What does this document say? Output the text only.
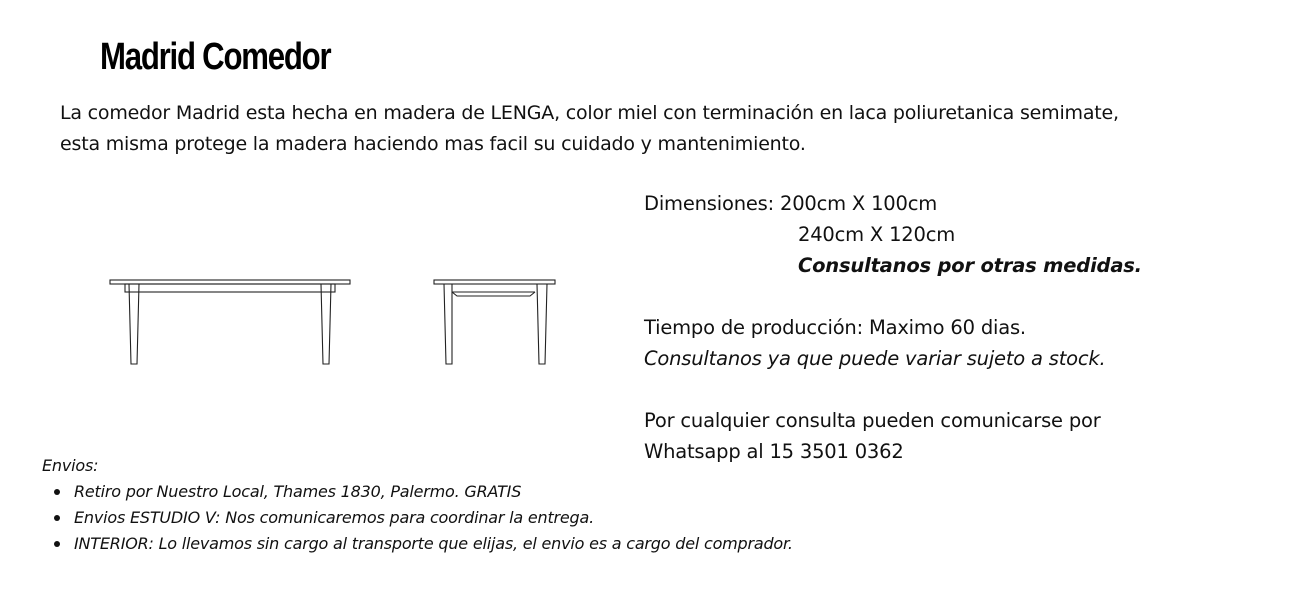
Madrid Comedor
La comedor Madrid esta hecha en madera de LENGA, color miel con terminación en laca poliuretanica semimate,
esta misma protege la madera haciendo mas facil su cuidado y mantenimiento.
Dimensiones: 200cm X 100cm
240cm X 120cm
Consultanos por otras medidas.
Tiempo de producción: Maximo 60 dias.
Consultanos ya que puede variar sujeto a stock.
Por cualquier consulta pueden comunicarse por
Whatsapp al 15 3501 0362
Envios:
Retiro por Nuestro Local, Thames 1830, Palermo. GRATIS
Envios ESTUDIO V: Nos comunicaremos para coordinar la entrega.
INTERIOR: Lo llevamos sin cargo al transporte que elijas, el envio es a cargo del comprador.
